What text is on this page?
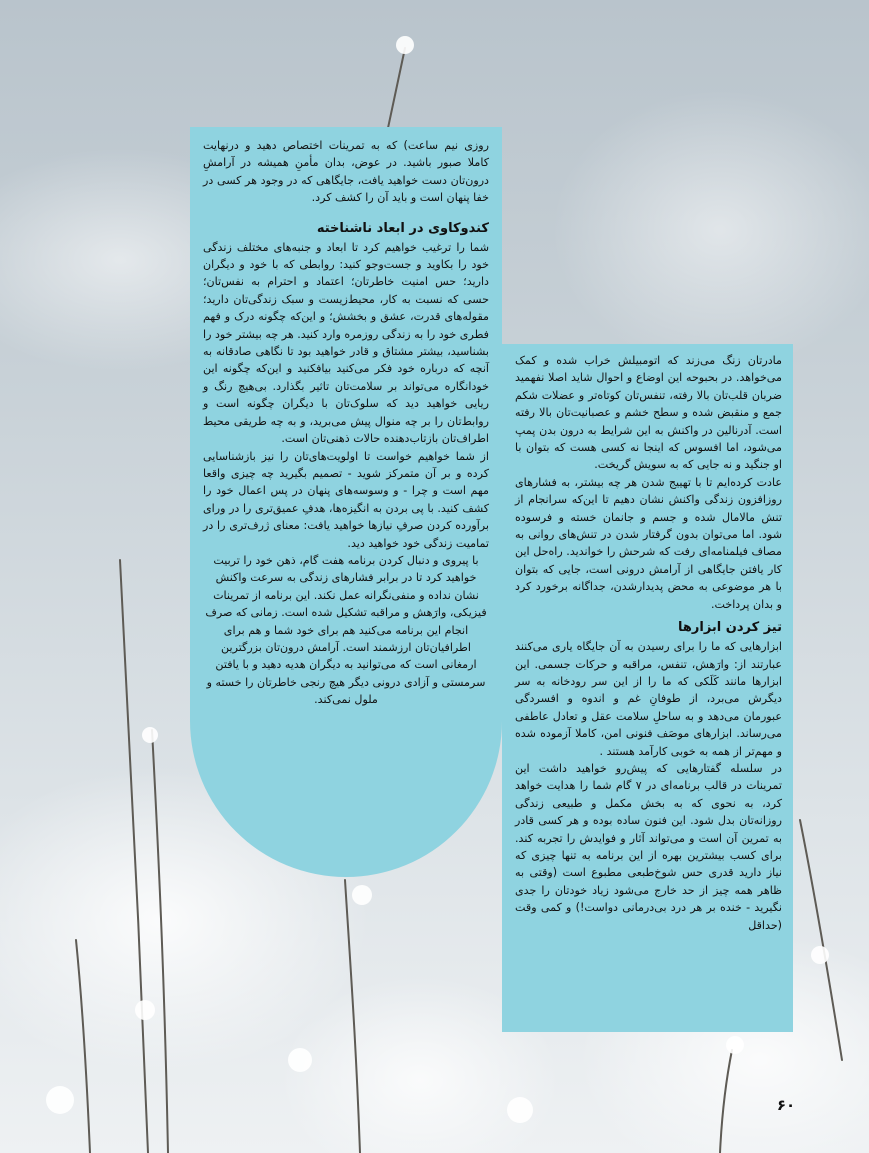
روزی نیم ساعت) که به تمرینات اختصاص دهید و درنهایت کاملا صبور باشید. در عوض، بدان مأمنِ همیشه در آرامشِ درون‌تان دست خواهید یافت، جایگاهی که در وجود هر کسی در خفا پنهان است و باید آن را کشف کرد.

کندوکاوی در ابعاد ناشناخته

شما را ترغیب خواهیم کرد تا ابعاد و جنبه‌های مختلف زندگی خود را بکاوید و جست‌وجو کنید: روابطی که با خود و دیگران دارید؛ حس امنیت خاطرتان؛ اعتماد و احترام به نفس‌تان؛ حسی که نسبت به کار، محیط‌زیست و سبک زندگی‌تان دارید؛ مقوله‌های قدرت، عشق و بخشش؛ و این‌که چگونه درک و فهم فطری خود را به زندگی روزمره وارد کنید. هر چه بیشتر خود را بشناسید، بیشتر مشتاق و قادر خواهید بود تا نگاهی صادقانه به آنچه که درباره خود فکر می‌کنید بیافکنید و این‌که چگونه این خودانگاره می‌تواند بر سلامت‌تان تاثیر بگذارد. بی‌هیچ رنگ و ریایی خواهید دید که سلوک‌تان با دیگران چگونه است و روابط‌تان را بر چه منوال پیش می‌برید، و به چه طریقی محیط اطراف‌تان بازتاب‌دهنده حالات ذهنی‌تان است.

از شما خواهیم خواست تا اولویت‌های‌تان را نیز بازشناسایی کرده و بر آن متمرکز شوید - تصمیم بگیرید چه چیزی واقعا مهم است و چرا - و وسوسه‌های پنهان در پس اعمال خود را کشف کنید. با پی بردن به انگیزه‌ها، هدفِ عمیق‌تری را در ورای برآورده کردن صرفِ نیازها خواهید یافت: معنای ژرف‌تری را در تمامیت زندگی خود خواهید دید.

با پیروی و دنبال کردن برنامه هفت گام، ذهن خود را تربیت خواهید کرد تا در برابر فشارهای زندگی به سرعت واکنش نشان نداده و منفی‌نگرانه عمل نکند. این برنامه از تمرینات فیزیکی، وارَهش و مراقبه تشکیل شده است. زمانی که صرف انجام این برنامه می‌کنید هم برای خود شما و هم برای اطرافیان‌تان ارزشمند است. آرامش درون‌تان بزرگترین ارمغانی است که می‌توانید به دیگران هدیه دهید و با یافتن سرمستی و آزادی درونی دیگر هیچ رنجی خاطرتان را خسته و ملول نمی‌کند.

مادرتان زنگ می‌زند که اتومبیلش خراب شده و کمک می‌خواهد. در بحبوحه این اوضاع و احوال شاید اصلا نفهمید ضربان قلب‌تان بالا رفته، تنفس‌تان کوتاه‌تر و عضلات شکم جمع و منقبض شده و سطح خشم و عصبانیت‌تان بالا رفته است. آدرنالین در واکنش به این شرایط به درون بدن پمپ می‌شود، اما افسوس که اینجا نه کسی هست که بتوان با او جنگید و نه جایی که به سویش گریخت.

عادت کرده‌ایم تا با تهییج شدن هر چه بیشتر، به فشارهای روزافزون زندگی واکنش نشان دهیم تا این‌که سرانجام از تنش مالامال شده و جسم و جانمان خسته و فرسوده شود. اما می‌توان بدون گرفتار شدن در تنش‌های روانی به مصاف فیلمنامه‌ای رفت که شرحش را خوانديد. راه‌حل این کار یافتن جایگاهی از آرامش درونی است، جایی که بتوان با هر موضوعی به محض پدیدارشدن، جداگانه برخورد کرد و بدان پرداخت.

تیز کردن ابزارها

ابزارهایی که ما را برای رسیدن به آن جایگاه یاری می‌کنند عبارتند از: وارَهش، تنفس، مراقبه و حرکات جسمی. این ابزارها مانند کَلَکی که ما را از این سر رودخانه به سر دیگرش می‌برد، از طوفانِ غم و اندوه و افسردگی عبورمان می‌دهد و به ساحلِ سلامت عقل و تعادل عاطفی می‌رساند. ابزارهای موصَف فنونی امن، کاملا آزموده شده و مهم‌تر از همه به خوبی کارآمد هستند .

در سلسله گفتارهایی که پیش‌رو خواهید داشت این تمرینات در قالب برنامه‌ای در ۷ گام شما را هدایت خواهد کرد، به نحوی که به بخش مکمل و طبیعی زندگی روزانه‌تان بدل شود. این فنون ساده بوده و هر کسی قادر به تمرین آن است و می‌تواند آثار و فوایدش را تجربه کند. برای کسب بیشترین بهره از این برنامه به تنها چیزی که نیاز دارید قدری حس شوخ‌طبعی مطبوع است (وقتی به ظاهر همه چیز از حد خارج می‌شود زیاد خودتان را جدی نگیرید - خنده بر هر درد بی‌درمانی دواست!) و کمی وقت (حداقل

۶۰
